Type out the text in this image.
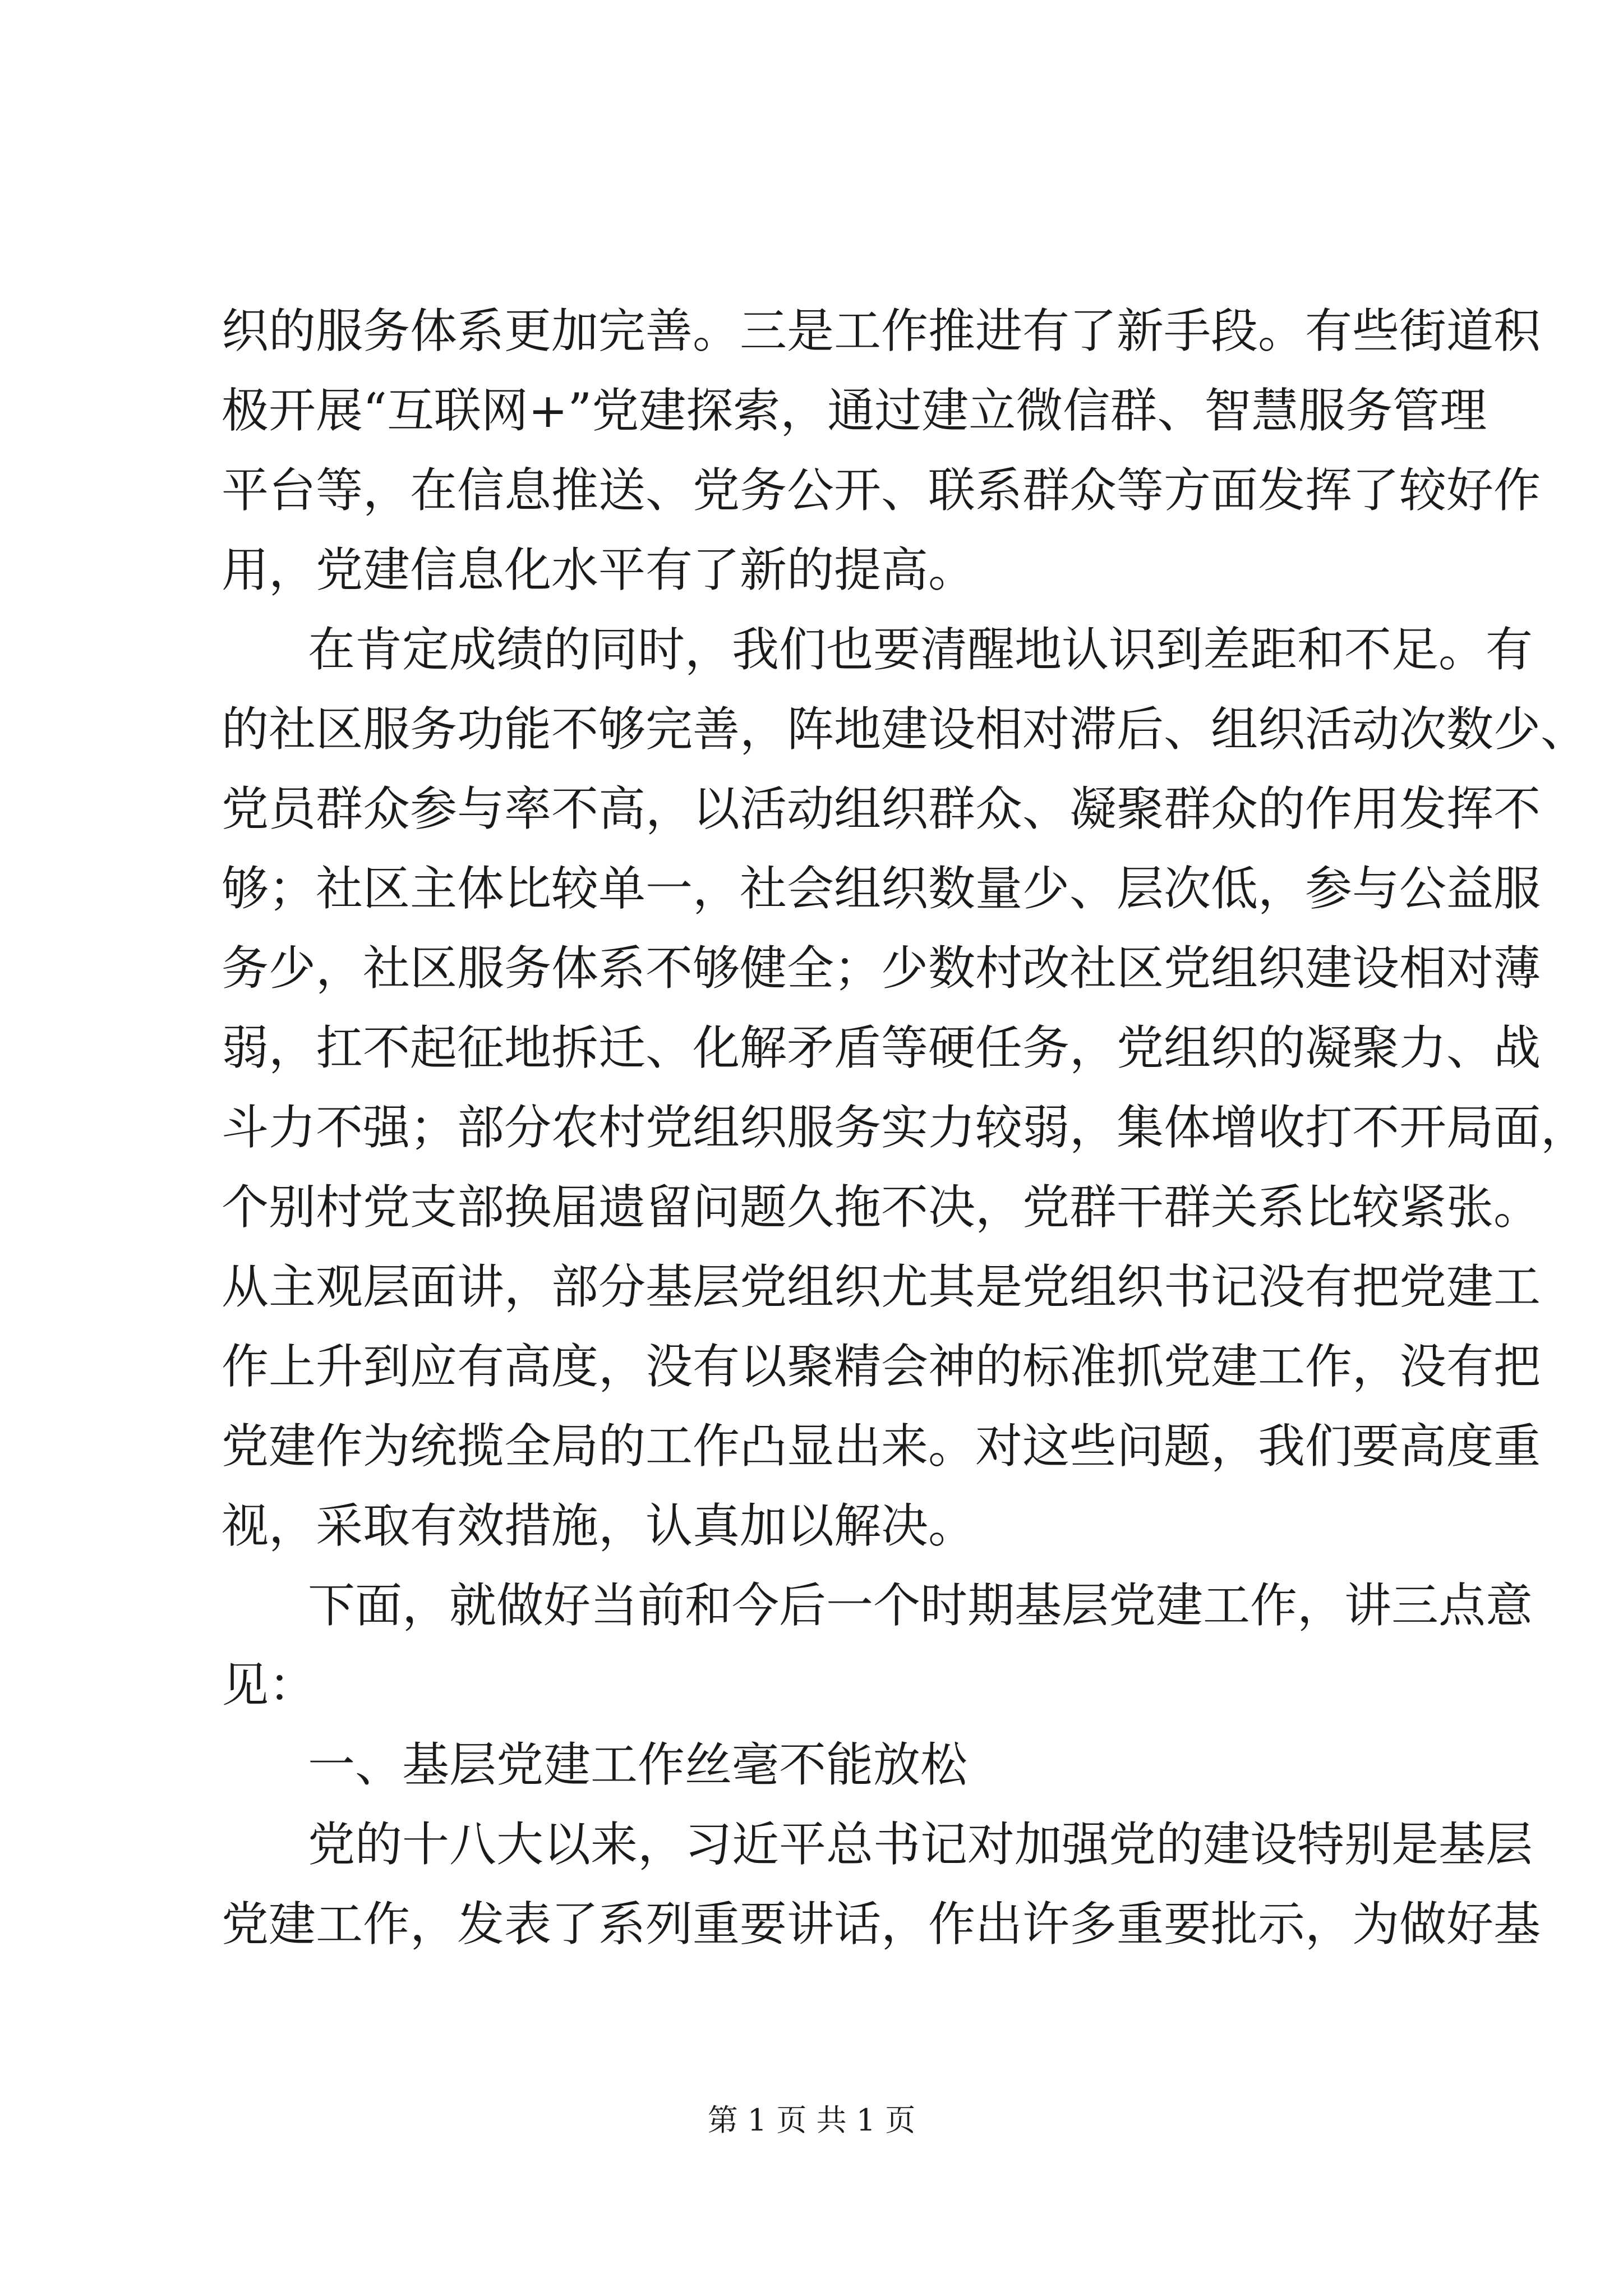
织的服务体系更加完善。三是工作推进有了新手段。有些街道积
极开展“互联网+”党建探索，通过建立微信群、智慧服务管理
平台等，在信息推送、党务公开、联系群众等方面发挥了较好作
用，党建信息化水平有了新的提高。
在肯定成绩的同时，我们也要清醒地认识到差距和不足。有
的社区服务功能不够完善，阵地建设相对滞后、组织活动次数少、
党员群众参与率不高，以活动组织群众、凝聚群众的作用发挥不
够；社区主体比较单一，社会组织数量少、层次低，参与公益服
务少，社区服务体系不够健全；少数村改社区党组织建设相对薄
弱，扛不起征地拆迁、化解矛盾等硬任务，党组织的凝聚力、战
斗力不强；部分农村党组织服务实力较弱，集体增收打不开局面，
个别村党支部换届遗留问题久拖不决，党群干群关系比较紧张。
从主观层面讲，部分基层党组织尤其是党组织书记没有把党建工
作上升到应有高度，没有以聚精会神的标准抓党建工作，没有把
党建作为统揽全局的工作凸显出来。对这些问题，我们要高度重
视，采取有效措施，认真加以解决。
下面，就做好当前和今后一个时期基层党建工作，讲三点意
见：
一、基层党建工作丝毫不能放松
党的十八大以来，习近平总书记对加强党的建设特别是基层
党建工作，发表了系列重要讲话，作出许多重要批示，为做好基
第 1 页 共 1 页
